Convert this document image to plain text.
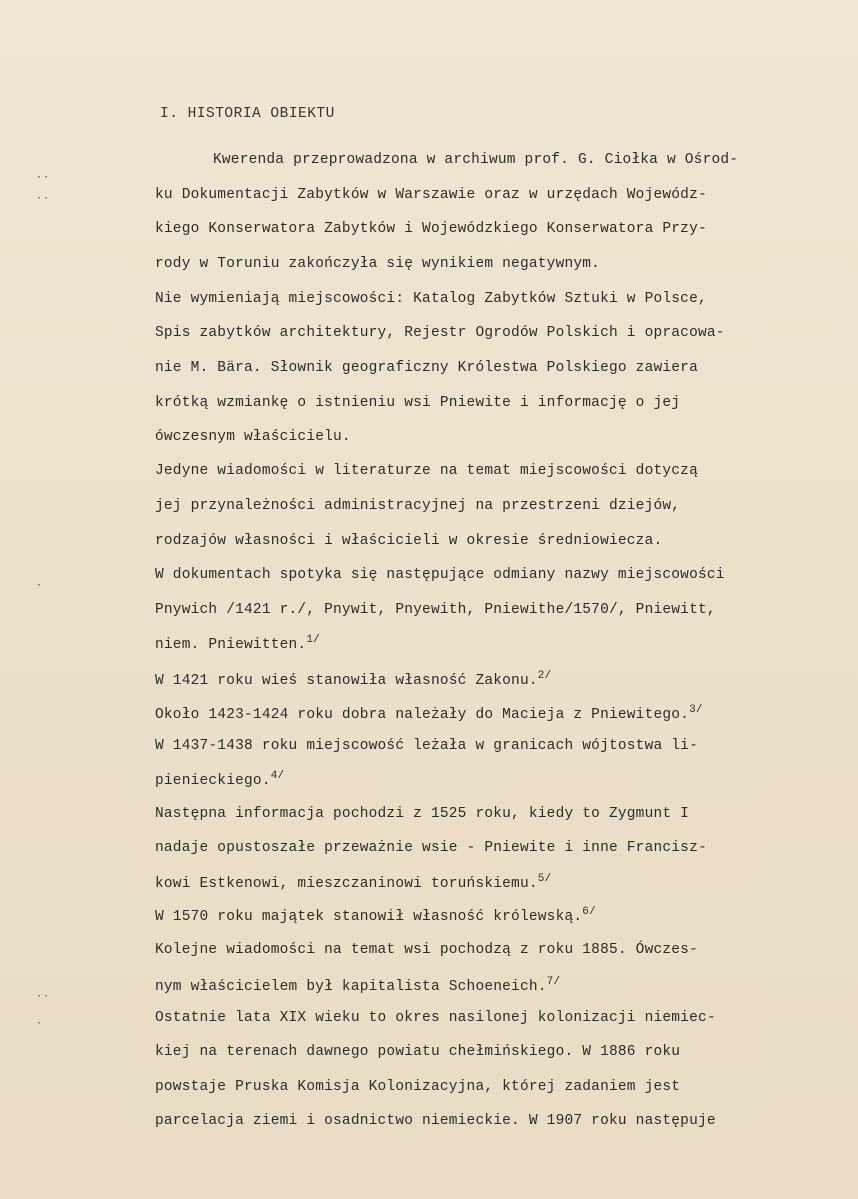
··
··
·
··
·
I. HISTORIA OBIEKTU
Kwerenda przeprowadzona w archiwum prof. G. Ciołka w Ośrod-
ku Dokumentacji Zabytków w Warszawie oraz w urzędach Wojewódz-
kiego Konserwatora Zabytków i Wojewódzkiego Konserwatora Przy-
rody w Toruniu zakończyła się wynikiem negatywnym.
Nie wymieniają miejscowości: Katalog Zabytków Sztuki w Polsce,
Spis zabytków architektury, Rejestr Ogrodów Polskich i opracowa-
nie M. Bära. Słownik geograficzny Królestwa Polskiego zawiera
krótką wzmiankę o istnieniu wsi Pniewite i informację o jej
ówczesnym właścicielu.
Jedyne wiadomości w literaturze na temat miejscowości dotyczą
jej przynależności administracyjnej na przestrzeni dziejów,
rodzajów własności i właścicieli w okresie średniowiecza.
W dokumentach spotyka się następujące odmiany nazwy miejscowości
Pnywich /1421 r./, Pnywit, Pnyewith, Pniewithe/1570/, Pniewitt,
niem. Pniewitten.$^{1/}$
W 1421 roku wieś stanowiła własność Zakonu.$^{2/}$
Około 1423-1424 roku dobra należały do Macieja z Pniewitego.$^{3/}$
W 1437-1438 roku miejscowość leżała w granicach wójtostwa li-
pienieckiego.$^{4/}$
Następna informacja pochodzi z 1525 roku, kiedy to Zygmunt I
nadaje opustoszałe przeważnie wsie - Pniewite i inne Francisz-
kowi Estkenowi, mieszczaninowi toruńskiemu.$^{5/}$
W 1570 roku majątek stanowił własność królewską.$^{6/}$
Kolejne wiadomości na temat wsi pochodzą z roku 1885. Ówczes-
nym właścicielem był kapitalista Schoeneich.$^{7/}$
Ostatnie lata XIX wieku to okres nasilonej kolonizacji niemiec-
kiej na terenach dawnego powiatu chełmińskiego. W 1886 roku
powstaje Pruska Komisja Kolonizacyjna, której zadaniem jest
parcelacja ziemi i osadnictwo niemieckie. W 1907 roku następuje
